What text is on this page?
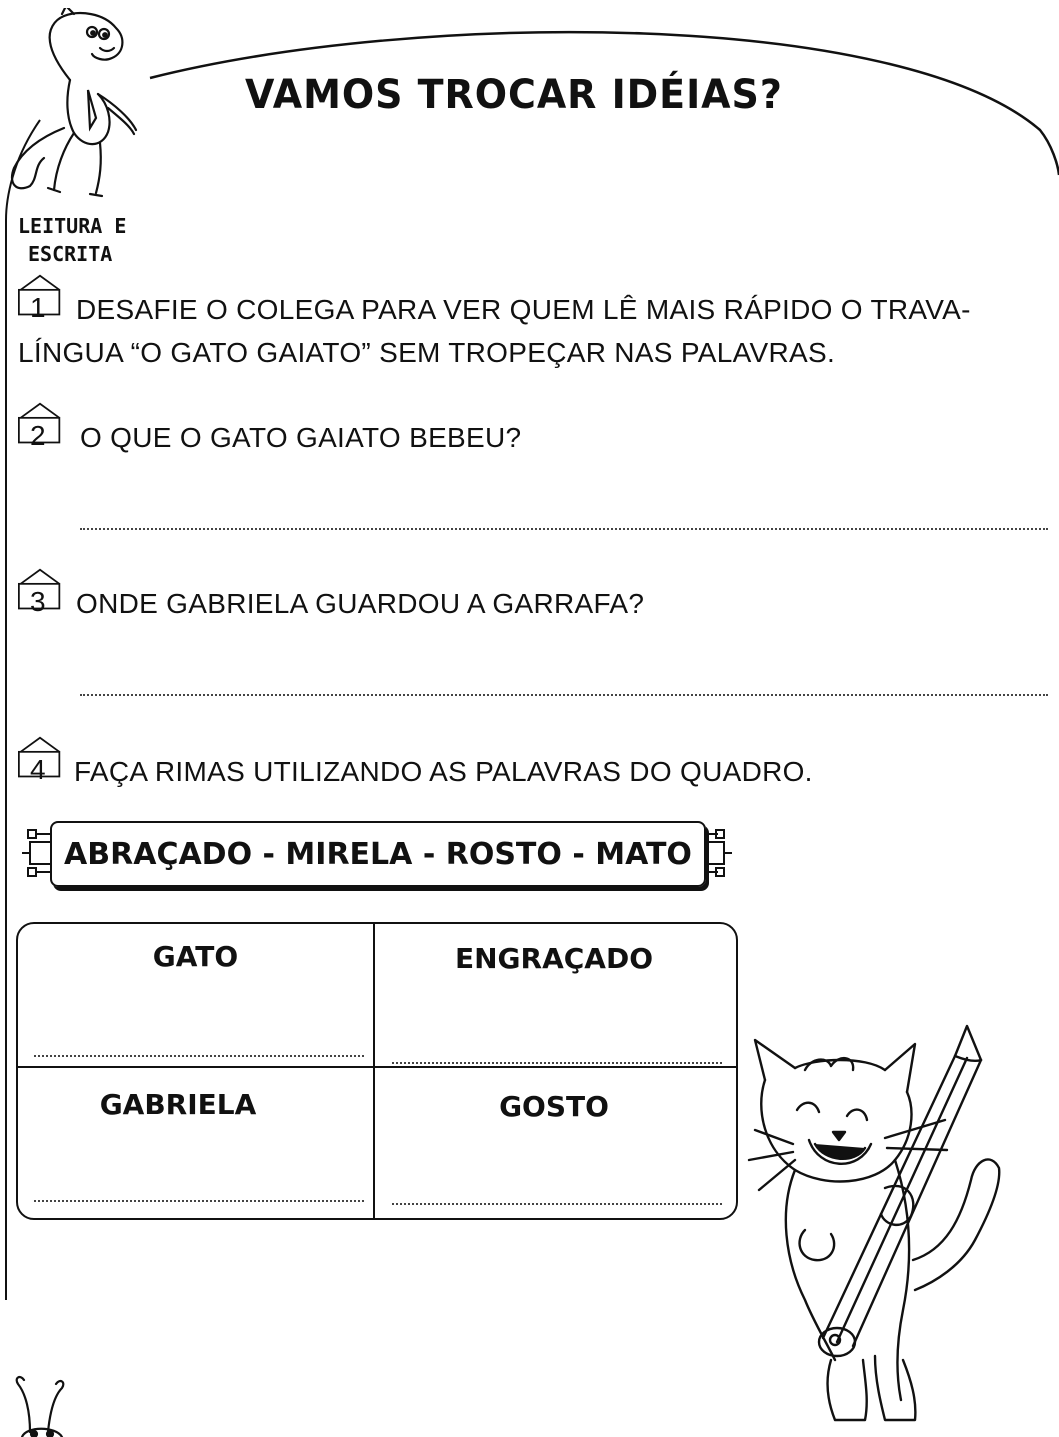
VAMOS TROCAR IDÉIAS?
LEITURA E
ESCRITA
1 DESAFIE O COLEGA PARA VER QUEM LÊ MAIS RÁPIDO O TRAVA-
LÍNGUA “O GATO GAIATO” SEM TROPEÇAR NAS PALAVRAS.
2 O QUE O GATO GAIATO BEBEU?
3 ONDE GABRIELA GUARDOU A GARRAFA?
4 FAÇA RIMAS UTILIZANDO AS PALAVRAS DO QUADRO.
ABRAÇADO - MIRELA - ROSTO - MATO
GATO	ENGRAÇADO
GABRIELA	GOSTO
